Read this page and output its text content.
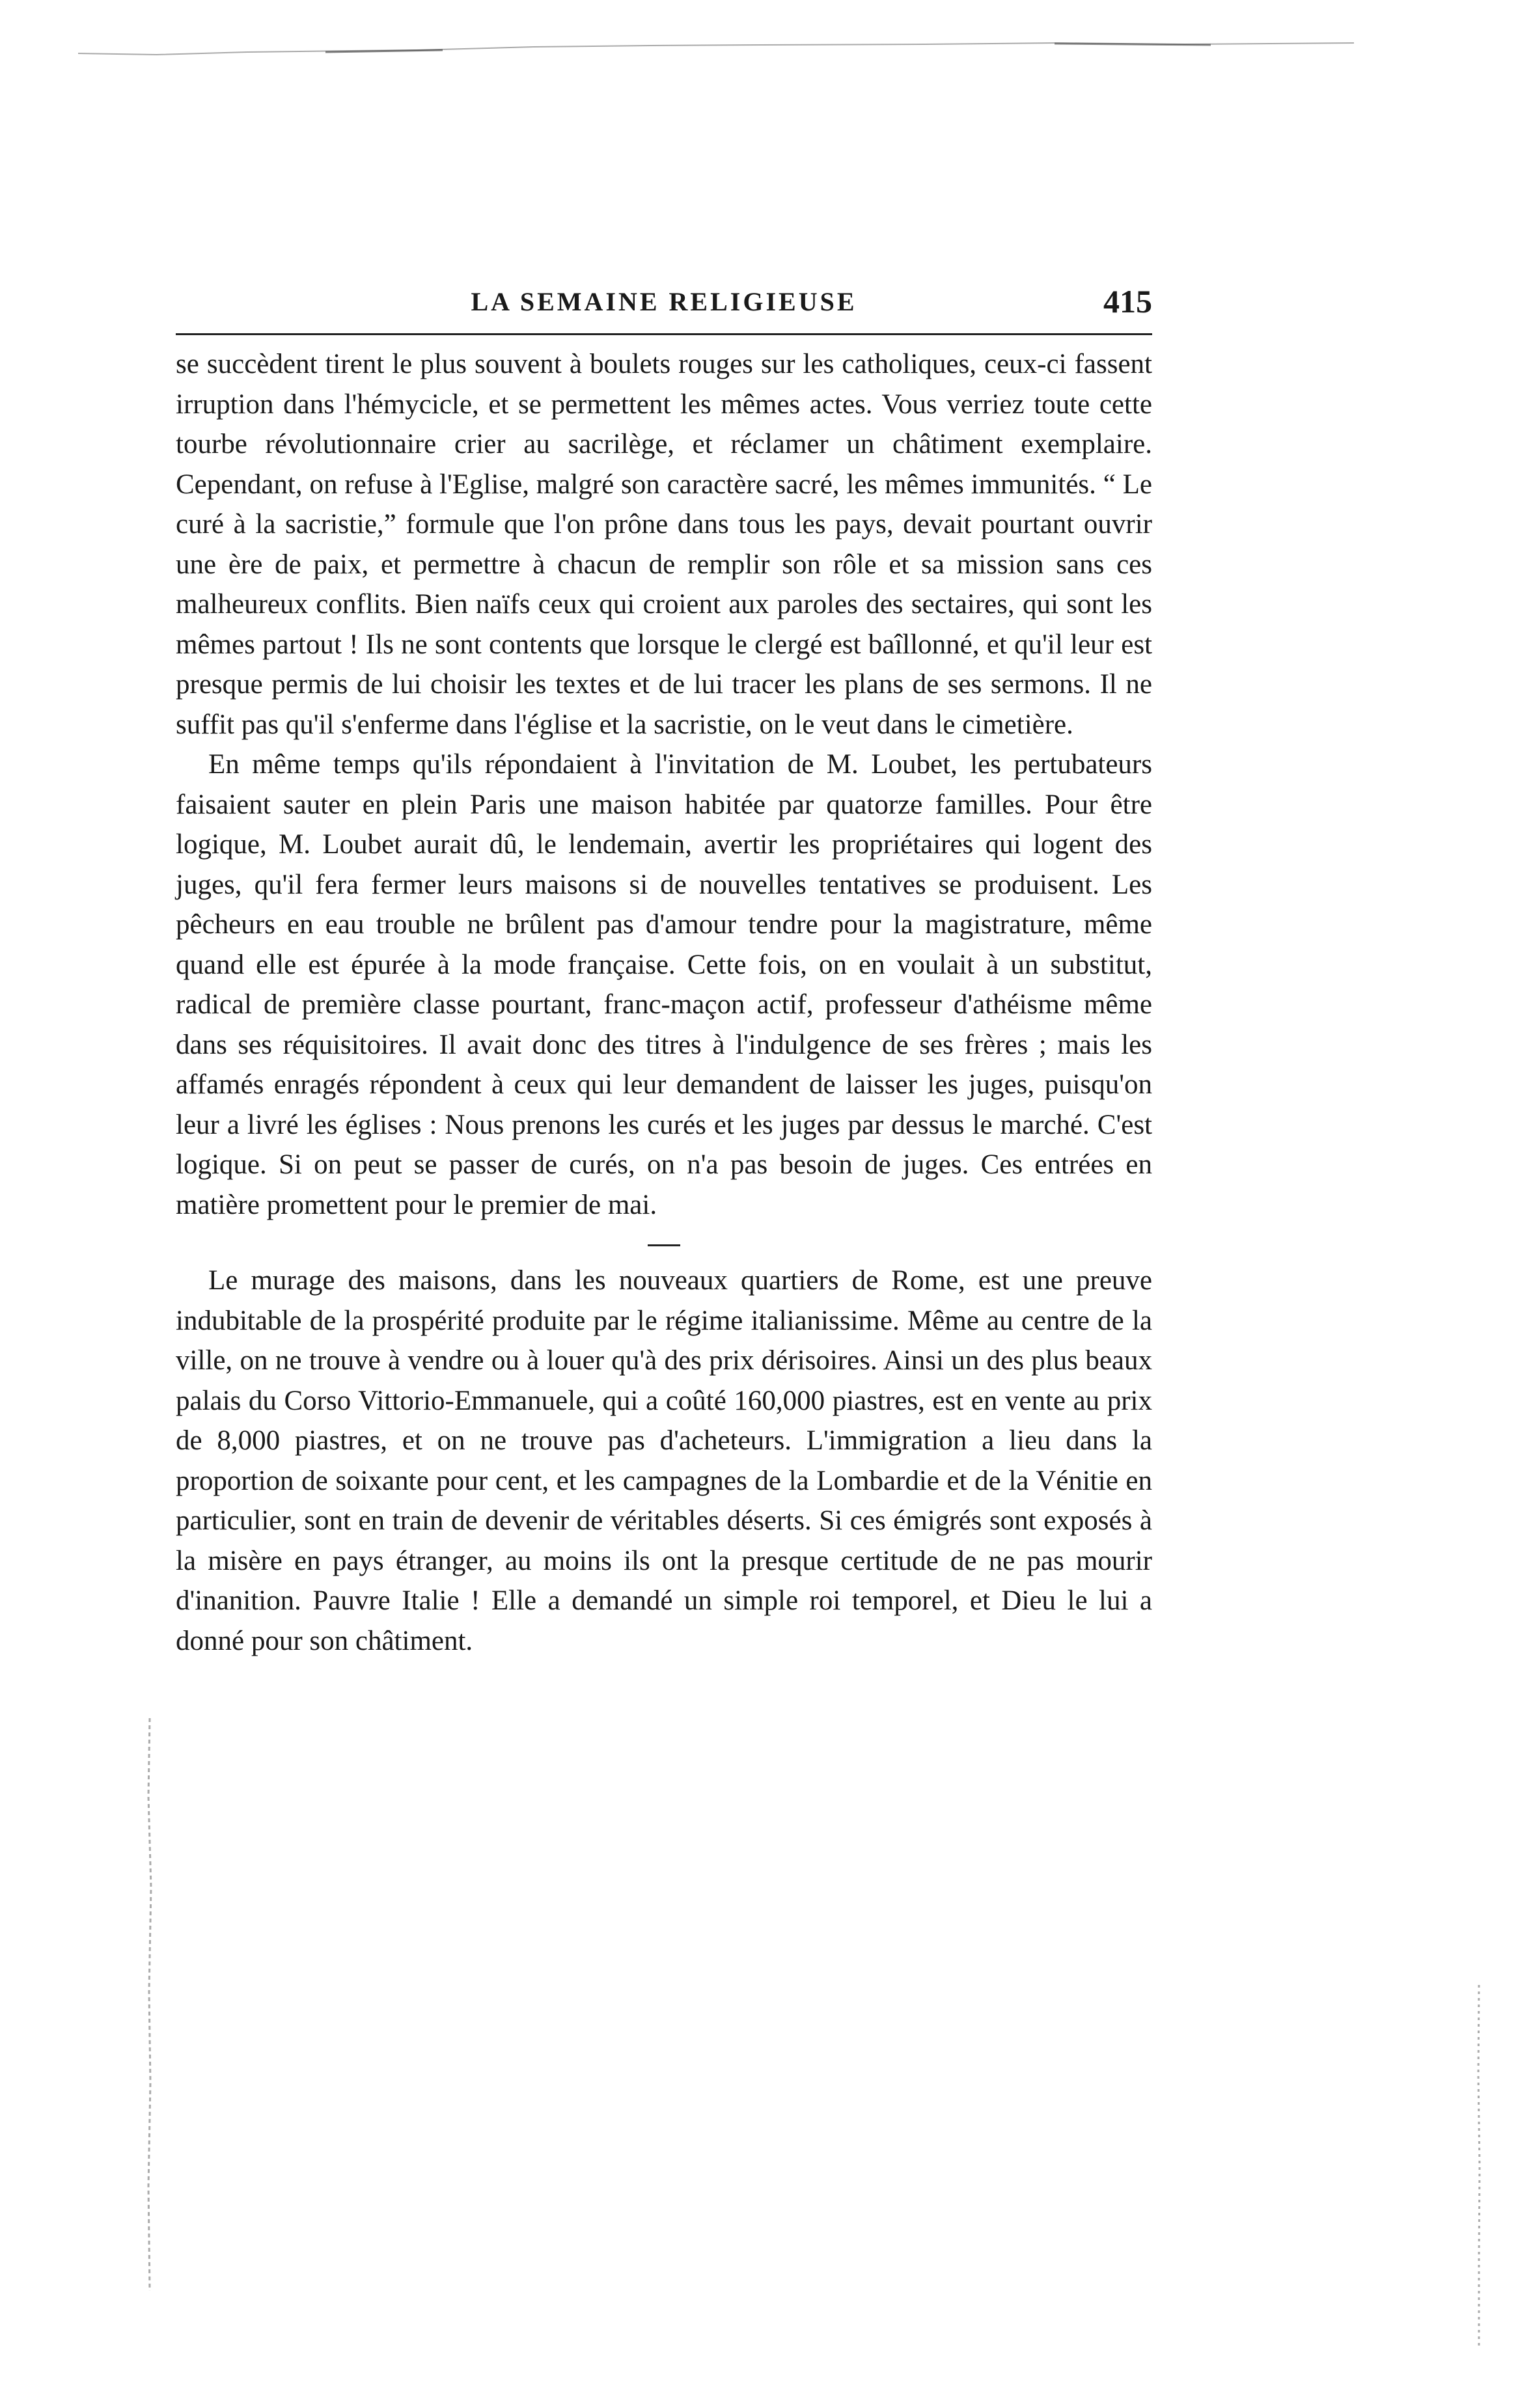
LA SEMAINE RELIGIEUSE	415

se succèdent tirent le plus souvent à boulets rouges sur les catholiques, ceux-ci fassent irruption dans l'hémycicle, et se permettent les mêmes actes. Vous verriez toute cette tourbe révolutionnaire crier au sacrilège, et réclamer un châtiment exemplaire. Cependant, on refuse à l'Eglise, malgré son caractère sacré, les mêmes immunités. “ Le curé à la sacristie,” formule que l'on prône dans tous les pays, devait pourtant ouvrir une ère de paix, et permettre à chacun de remplir son rôle et sa mission sans ces malheureux conflits. Bien naïfs ceux qui croient aux paroles des sectaires, qui sont les mêmes partout ! Ils ne sont contents que lorsque le clergé est baîllonné, et qu'il leur est presque permis de lui choisir les textes et de lui tracer les plans de ses sermons. Il ne suffit pas qu'il s'enferme dans l'église et la sacristie, on le veut dans le cimetière.

En même temps qu'ils répondaient à l'invitation de M. Loubet, les pertubateurs faisaient sauter en plein Paris une maison habitée par quatorze familles. Pour être logique, M. Loubet aurait dû, le lendemain, avertir les propriétaires qui logent des juges, qu'il fera fermer leurs maisons si de nouvelles tentatives se produisent. Les pêcheurs en eau trouble ne brûlent pas d'amour tendre pour la magistrature, même quand elle est épurée à la mode française. Cette fois, on en voulait à un substitut, radical de première classe pourtant, franc-maçon actif, professeur d'athéisme même dans ses réquisitoires. Il avait donc des titres à l'indulgence de ses frères ; mais les affamés enragés répondent à ceux qui leur demandent de laisser les juges, puisqu'on leur a livré les églises : Nous prenons les curés et les juges par dessus le marché. C'est logique. Si on peut se passer de curés, on n'a pas besoin de juges. Ces entrées en matière promettent pour le premier de mai.

Le murage des maisons, dans les nouveaux quartiers de Rome, est une preuve indubitable de la prospérité produite par le régime italianissime. Même au centre de la ville, on ne trouve à vendre ou à louer qu'à des prix dérisoires. Ainsi un des plus beaux palais du Corso Vittorio-Emmanuele, qui a coûté 160,000 piastres, est en vente au prix de 8,000 piastres, et on ne trouve pas d'acheteurs. L'immigration a lieu dans la proportion de soixante pour cent, et les campagnes de la Lombardie et de la Vénitie en particulier, sont en train de devenir de véritables déserts. Si ces émigrés sont exposés à la misère en pays étranger, au moins ils ont la presque certitude de ne pas mourir d'inanition. Pauvre Italie ! Elle a demandé un simple roi temporel, et Dieu le lui a donné pour son châtiment.
